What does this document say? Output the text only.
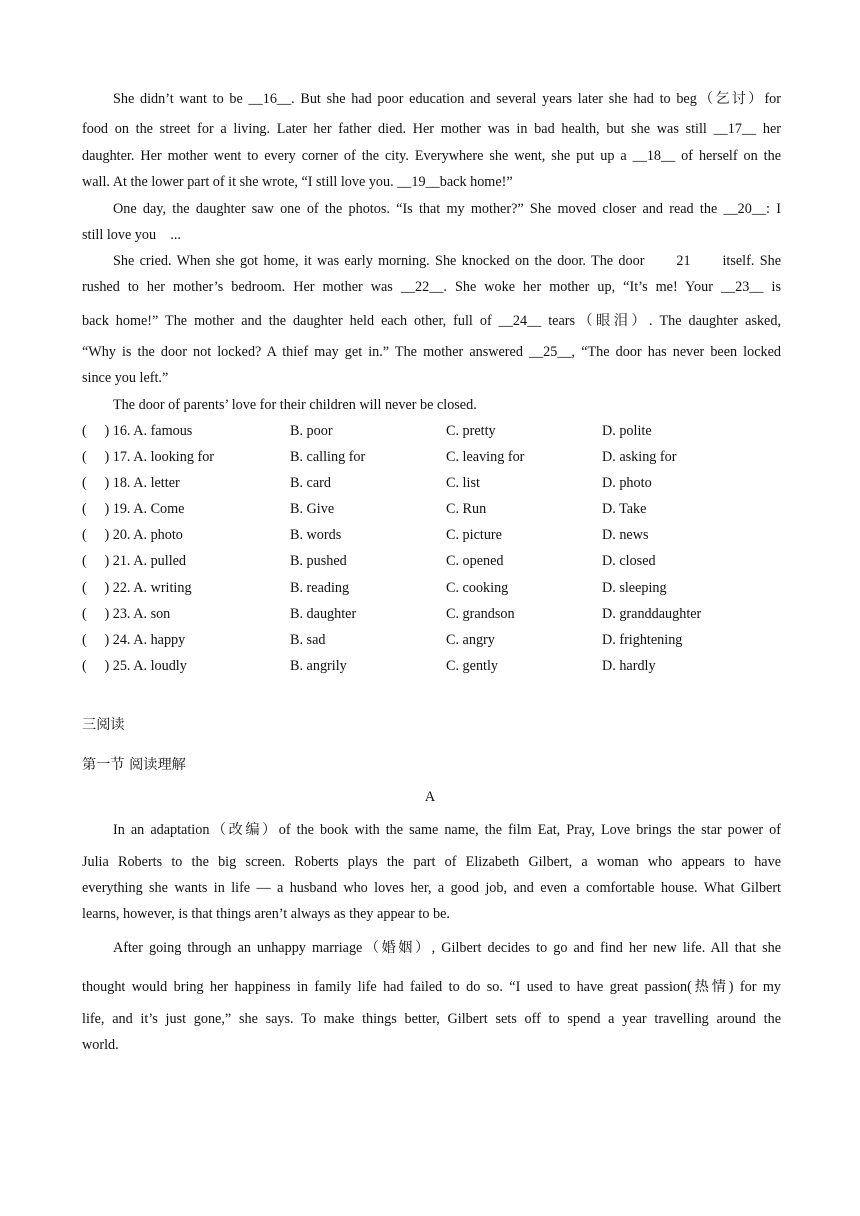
She didn’t want to be __16__. But she had poor education and several years later she had to beg（乞讨）for
food on the street for a living. Later her father died. Her mother was in bad health, but she was still __17__ her
daughter. Her mother went to every corner of the city. Everywhere she went, she put up a __18__ of herself on the
wall. At the lower part of it she wrote, “I still love you. __19__back home!”
One day, the daughter saw one of the photos. “Is that my mother?” She moved closer and read the __20__: I
still love you    ...
She cried. When she got home, it was early morning. She knocked on the door. The door      21      itself. She
rushed to her mother’s bedroom. Her mother was __22__. She woke her mother up, “It’s me! Your __23__ is
back home!” The mother and the daughter held each other, full of __24__ tears（眼泪）. The daughter asked,
“Why is the door not locked? A thief may get in.” The mother answered __25__, “The door has never been locked
since you left.”
The door of parents’ love for their children will never be closed.
(     ) 16. A. famous	B. poor	C. pretty	D. polite
(     ) 17. A. looking for	B. calling for	C. leaving for	D. asking for
(     ) 18. A. letter	B. card	C. list	D. photo
(     ) 19. A. Come	B. Give	C. Run	D. Take
(     ) 20. A. photo	B. words	C. picture	D. news
(     ) 21. A. pulled	B. pushed	C. opened	D. closed
(     ) 22. A. writing	B. reading	C. cooking	D. sleeping
(     ) 23. A. son	B. daughter	C. grandson	D. granddaughter
(     ) 24. A. happy	B. sad	C. angry	D. frightening
(     ) 25. A. loudly	B. angrily	C. gently	D. hardly
三阅读
第一节 阅读理解
A
In an adaptation（改编）of the book with the same name, the film Eat, Pray, Love brings the star power of
Julia Roberts to the big screen. Roberts plays the part of Elizabeth Gilbert, a woman who appears to have
everything she wants in life — a husband who loves her, a good job, and even a comfortable house. What Gilbert
learns, however, is that things aren’t always as they appear to be.
After going through an unhappy marriage（婚姻）, Gilbert decides to go and find her new life. All that she
thought would bring her happiness in family life had failed to do so. “I used to have great passion(热情) for my
life, and it’s just gone,” she says. To make things better, Gilbert sets off to spend a year travelling around the
world.
